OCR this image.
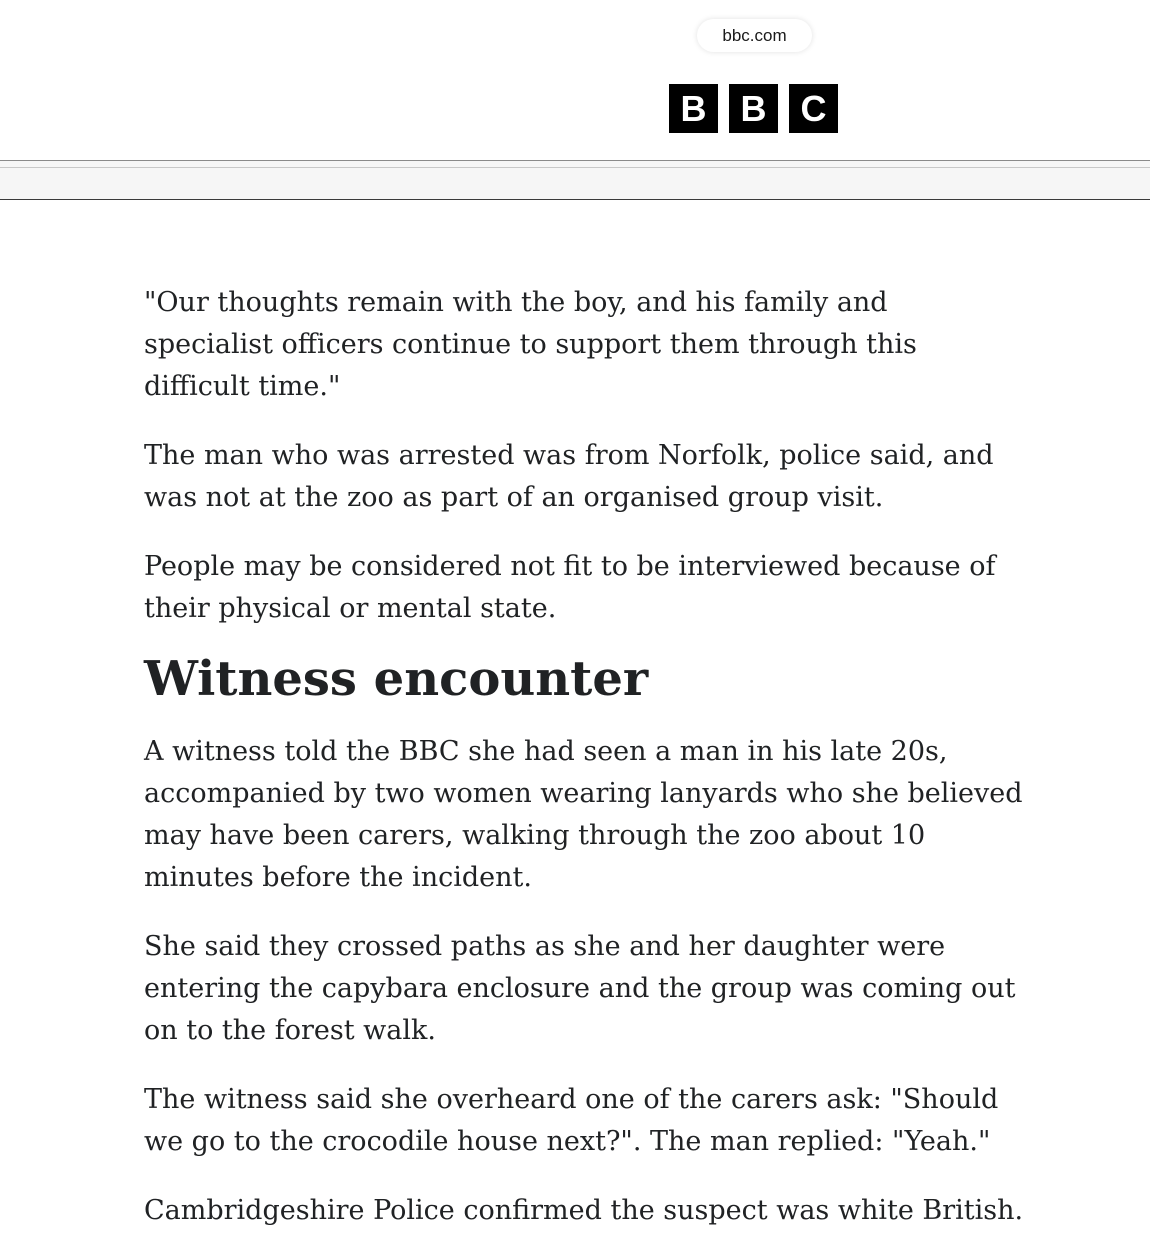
bbc.com
B B C

"Our thoughts remain with the boy, and his family and specialist officers continue to support them through this difficult time."

The man who was arrested was from Norfolk, police said, and was not at the zoo as part of an organised group visit.

People may be considered not fit to be interviewed because of their physical or mental state.

Witness encounter

A witness told the BBC she had seen a man in his late 20s, accompanied by two women wearing lanyards who she believed may have been carers, walking through the zoo about 10 minutes before the incident.

She said they crossed paths as she and her daughter were entering the capybara enclosure and the group was coming out on to the forest walk.

The witness said she overheard one of the carers ask: "Should we go to the crocodile house next?". The man replied: "Yeah."

Cambridgeshire Police confirmed the suspect was white British.
